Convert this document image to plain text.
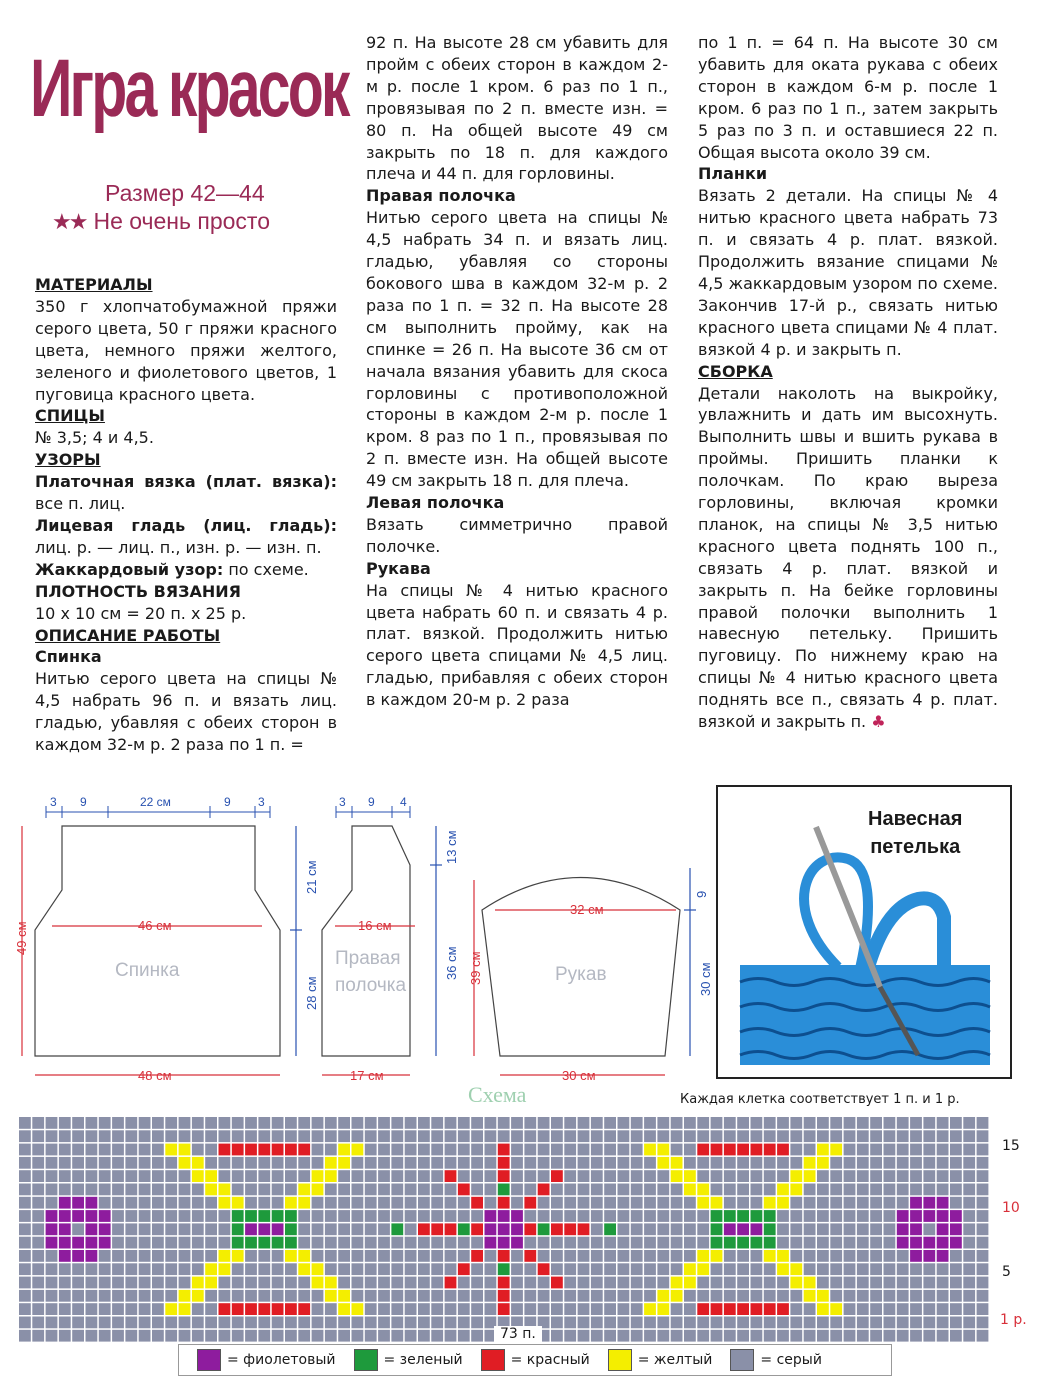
Игра красок
Размер 42—44
★★ Не очень просто
МАТЕРИАЛЫ

350 г хлопчатобумажной пряжи серого цвета, 50 г пряжи красного цвета, немного пряжи желтого, зеленого и фиолетового цветов, 1 пуговица красного цвета.

СПИЦЫ

№ 3,5; 4 и 4,5.

УЗОРЫ

Платочная вязка (плат. вязка): все п. лиц.

Лицевая гладь (лиц. гладь): лиц. р. — лиц. п., изн. р. — изн. п.

Жаккардовый узор: по схеме.

ПЛОТНОСТЬ ВЯЗАНИЯ

10 х 10 см = 20 п. х 25 р.

ОПИСАНИЕ РАБОТЫ
Спинка

Нитью серого цвета на спицы № 4,5 набрать 96 п. и вязать лиц. гладью, убавляя с обеих сторон в каждом 32-м р. 2 раза по 1 п. =

92 п. На высоте 28 см убавить для пройм с обеих сторон в каждом 2-м р. после 1 кром. 6 раз по 1 п., провязывая по 2 п. вместе изн. = 80 п. На общей высоте 49 см закрыть по 18 п. для каждого плеча и 44 п. для горловины.

Правая полочка

Нитью серого цвета на спицы № 4,5 набрать 34 п. и вязать лиц. гладью, убавляя со стороны бокового шва в каждом 32-м р. 2 раза по 1 п. = 32 п. На высоте 28 см выполнить пройму, как на спинке = 26 п. На высоте 36 см от начала вязания убавить для скоса горловины с противоположной стороны в каждом 2-м р. после 1 кром. 8 раз по 1 п., провязывая по 2 п. вместе изн. На общей высоте 49 см закрыть 18 п. для плеча.

Левая полочка

Вязать симметрично правой полочке.

Рукава

На спицы № 4 нитью красного цвета набрать 60 п. и связать 4 р. плат. вязкой. Продолжить нитью серого цвета спицами № 4,5 лиц. гладью, прибавляя с обеих сторон в каждом 20-м р. 2 раза

по 1 п. = 64 п. На высоте 30 см убавить для оката рукава с обеих сторон в каждом 6-м р. после 1 кром. 6 раз по 1 п., затем закрыть 5 раз по 3 п. и оставшиеся 22 п. Общая высота около 39 см.

Планки

Вязать 2 детали. На спицы № 4 нитью красного цвета набрать 73 п. и связать 4 р. плат. вязкой. Продолжить вязание спицами № 4,5 жаккардовым узором по схеме. Закончив 17-й р., связать нитью красного цвета спицами № 4 плат. вязкой 4 р. и закрыть п.

СБОРКА

Детали наколоть на выкройку, увлажнить и дать им высохнуть. Выполнить швы и вшить рукава в проймы. Пришить планки к полочкам. По краю выреза горловины, включая кромки планок, на спицы № 3,5 нитью красного цвета поднять 100 п., связать 4 р. плат. вязкой и закрыть п. На бейке горловины правой полочки выполнить 1 навесную петельку. Пришить пуговицу. По нижнему краю на спицы № 4 нитью красного цвета поднять все п., связать 4 р. плат. вязкой и закрыть п. ♣

3 9	22 см	9 3	3 9 4
46 см	16 см
32 см
48 см	17 см	30 см
49 см
39 см
21 см
28 см
13 см
36 см
9
30 см
Спинка
Правая
полочка
Рукав
Навесная
петелька
Схема	Каждая клетка соответствует 1 п. и 1 р.
15
10
5
1 р.
73 п.
= фиолетовый	= зеленый	= красный	= желтый	= серый
